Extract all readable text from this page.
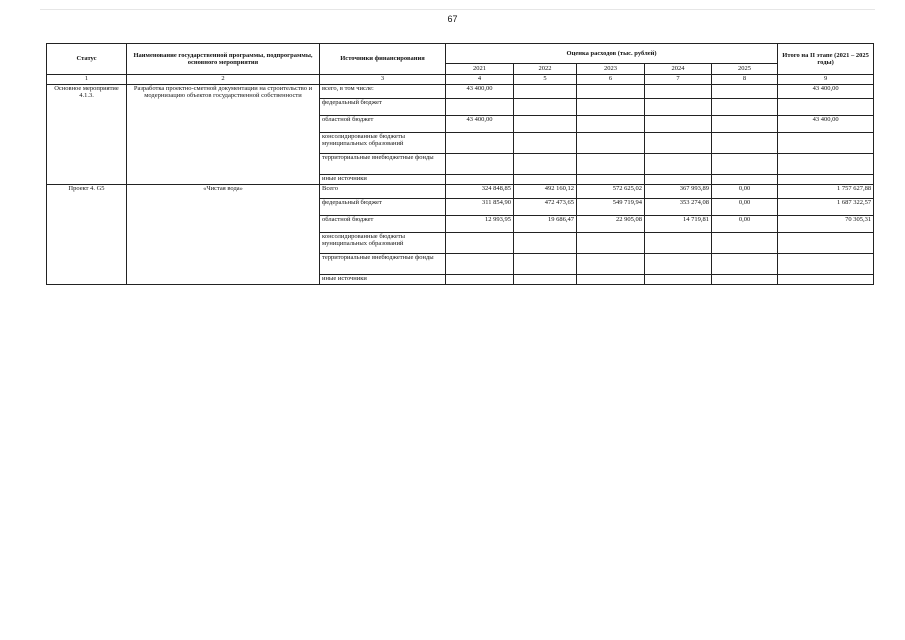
67
Статус	Наименование государственной программы, подпрограммы, основного мероприятия	Источники финансирования	Оценка расходов (тыс. рублей)					Итого на II этапе (2021 – 2025 годы)
			2021	2022	2023	2024	2025	
1	2	3	4	5	6	7	8	9
Основное мероприятие 4.1.3.	Разработка проектно-сметной документации на строительство и модернизацию объектов государственной собственности	всего, в том числе:	43 400,00					43 400,00
		федеральный бюджет						
		областной бюджет	43 400,00					43 400,00
		консолидированные бюджеты муниципальных образований						
		территориальные внебюджетные фонды						
		иные источники						
Проект 4. G5	«Чистая вода»	Всего	324 848,85	492 160,12	572 625,02	367 993,89	0,00	1 757 627,88
		федеральный бюджет	311 854,90	472 473,65	549 719,94	353 274,08	0,00	1 687 322,57
		областной бюджет	12 993,95	19 686,47	22 905,08	14 719,81	0,00	70 305,31
		консолидированные бюджеты муниципальных образований						
		территориальные внебюджетные фонды						
		иные источники						
